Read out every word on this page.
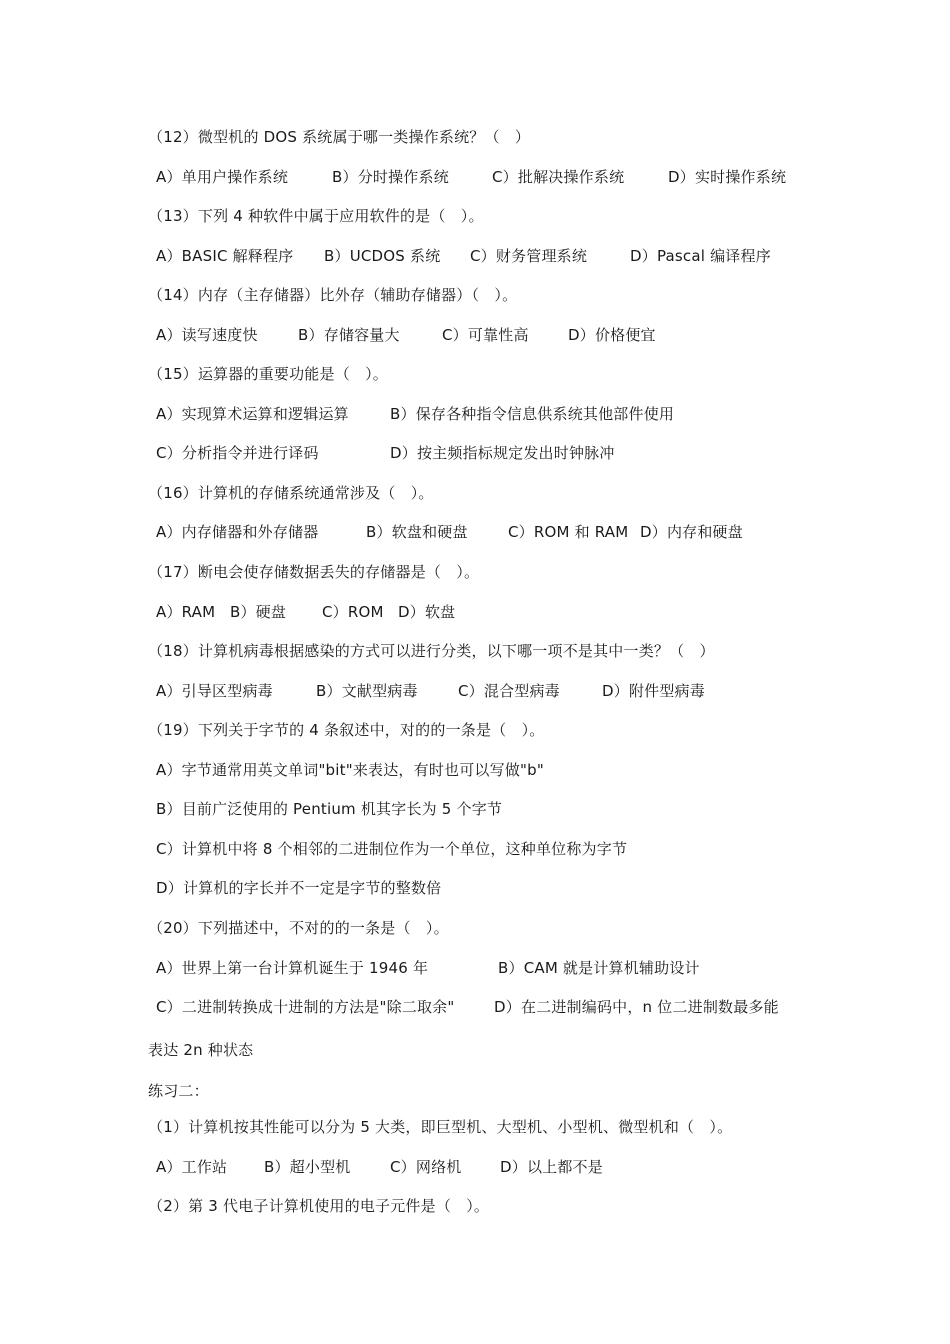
（12）微型机的 DOS 系统属于哪一类操作系统？（　）
A）单用户操作系统	B）分时操作系统	C）批解决操作系统	D）实时操作系统
（13）下列 4 种软件中属于应用软件的是（　）。
A）BASIC 解释程序 B）UCDOS 系统 C）财务管理系统	D）Pascal 编译程序
（14）内存（主存储器）比外存（辅助存储器）（　）。
A）读写速度快	B）存储容量大	C）可靠性高	D）价格便宜
（15）运算器的重要功能是（　）。
A）实现算术运算和逻辑运算	B）保存各种指令信息供系统其他部件使用
C）分析指令并进行译码	D）按主频指标规定发出时钟脉冲
（16）计算机的存储系统通常涉及（　）。
A）内存储器和外存储器	B）软盘和硬盘	C）ROM 和 RAM D）内存和硬盘
（17）断电会使存储数据丢失的存储器是（　）。
A）RAM B）硬盘 C）ROM D）软盘
（18）计算机病毒根据感染的方式可以进行分类，以下哪一项不是其中一类？（　）
A）引导区型病毒	B）文献型病毒	C）混合型病毒	D）附件型病毒
（19）下列关于字节的 4 条叙述中，对的的一条是（　）。
A）字节通常用英文单词"bit"来表达，有时也可以写做"b"
B）目前广泛使用的 Pentium 机其字长为 5 个字节
C）计算机中将 8 个相邻的二进制位作为一个单位，这种单位称为字节
D）计算机的字长并不一定是字节的整数倍
（20）下列描述中，不对的的一条是（　）。
A）世界上第一台计算机诞生于 1946 年	B）CAM 就是计算机辅助设计
C）二进制转换成十进制的方法是"除二取余"	D）在二进制编码中，n 位二进制数最多能
表达 2n 种状态
练习二：
（1）计算机按其性能可以分为 5 大类，即巨型机、大型机、小型机、微型机和（　）。
A）工作站 B）超小型机	C）网络机	D）以上都不是
（2）第 3 代电子计算机使用的电子元件是（　）。
